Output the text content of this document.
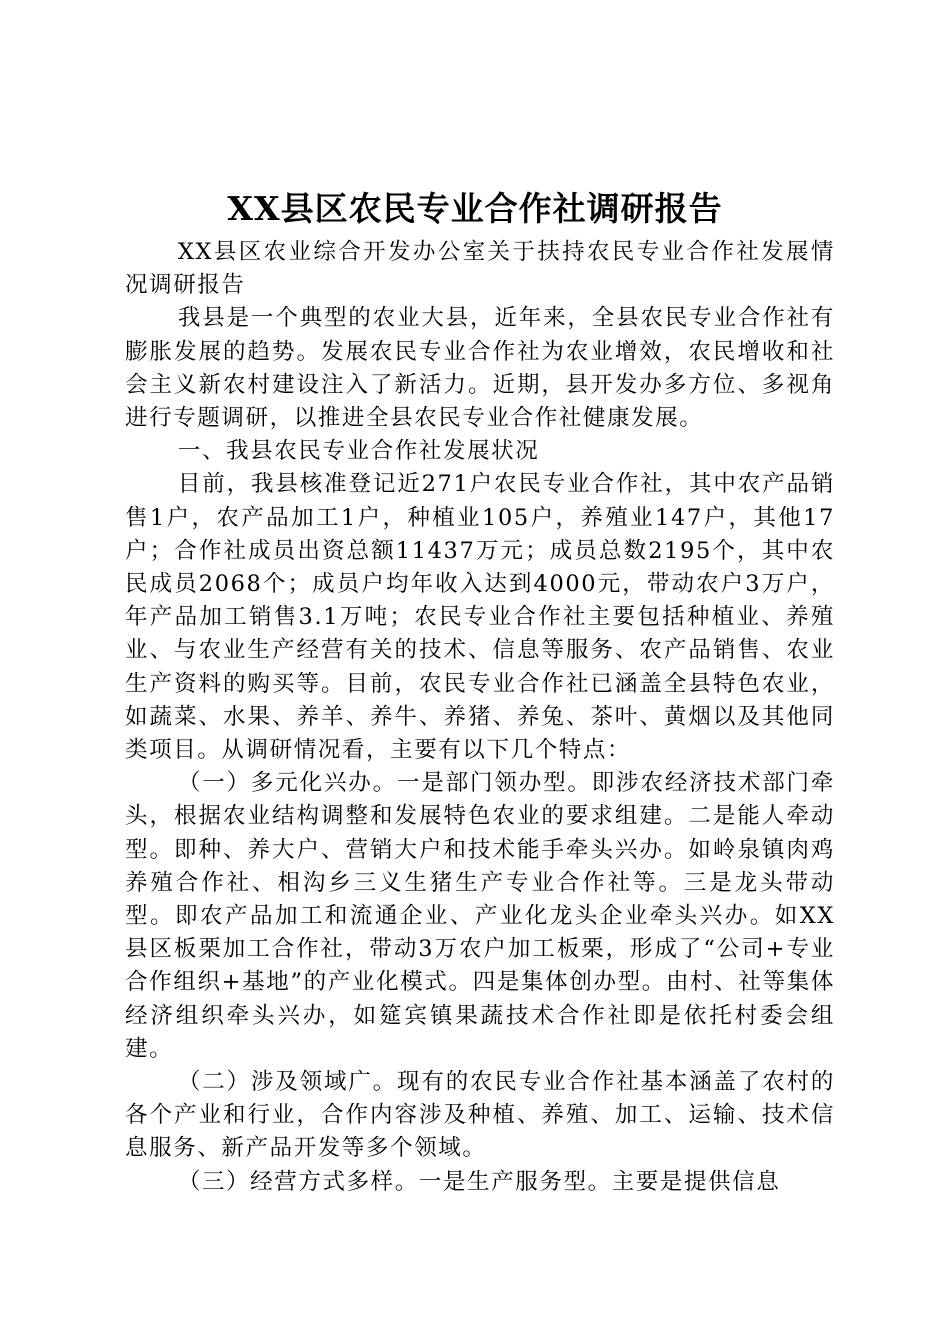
XX县区农民专业合作社调研报告

XX县区农业综合开发办公室关于扶持农民专业合作社发展情况调研报告

我县是一个典型的农业大县，近年来，全县农民专业合作社有膨胀发展的趋势。发展农民专业合作社为农业增效，农民增收和社会主义新农村建设注入了新活力。近期，县开发办多方位、多视角进行专题调研，以推进全县农民专业合作社健康发展。

一、我县农民专业合作社发展状况

目前，我县核准登记近271户农民专业合作社，其中农产品销售1户，农产品加工1户，种植业105户，养殖业147户，其他17户；合作社成员出资总额11437万元；成员总数2195个，其中农民成员2068个；成员户均年收入达到4000元，带动农户3万户，年产品加工销售3.1万吨；农民专业合作社主要包括种植业、养殖业、与农业生产经营有关的技术、信息等服务、农产品销售、农业生产资料的购买等。目前，农民专业合作社已涵盖全县特色农业，如蔬菜、水果、养羊、养牛、养猪、养兔、茶叶、黄烟以及其他同类项目。从调研情况看，主要有以下几个特点：

（一）多元化兴办。一是部门领办型。即涉农经济技术部门牵头，根据农业结构调整和发展特色农业的要求组建。二是能人牵动型。即种、养大户、营销大户和技术能手牵头兴办。如岭泉镇肉鸡养殖合作社、相沟乡三义生猪生产专业合作社等。三是龙头带动型。即农产品加工和流通企业、产业化龙头企业牵头兴办。如XX县区板栗加工合作社，带动3万农户加工板栗，形成了“公司+专业合作组织+基地”的产业化模式。四是集体创办型。由村、社等集体经济组织牵头兴办，如筵宾镇果蔬技术合作社即是依托村委会组建。

（二）涉及领域广。现有的农民专业合作社基本涵盖了农村的各个产业和行业，合作内容涉及种植、养殖、加工、运输、技术信息服务、新产品开发等多个领域。

（三）经营方式多样。一是生产服务型。主要是提供信息
